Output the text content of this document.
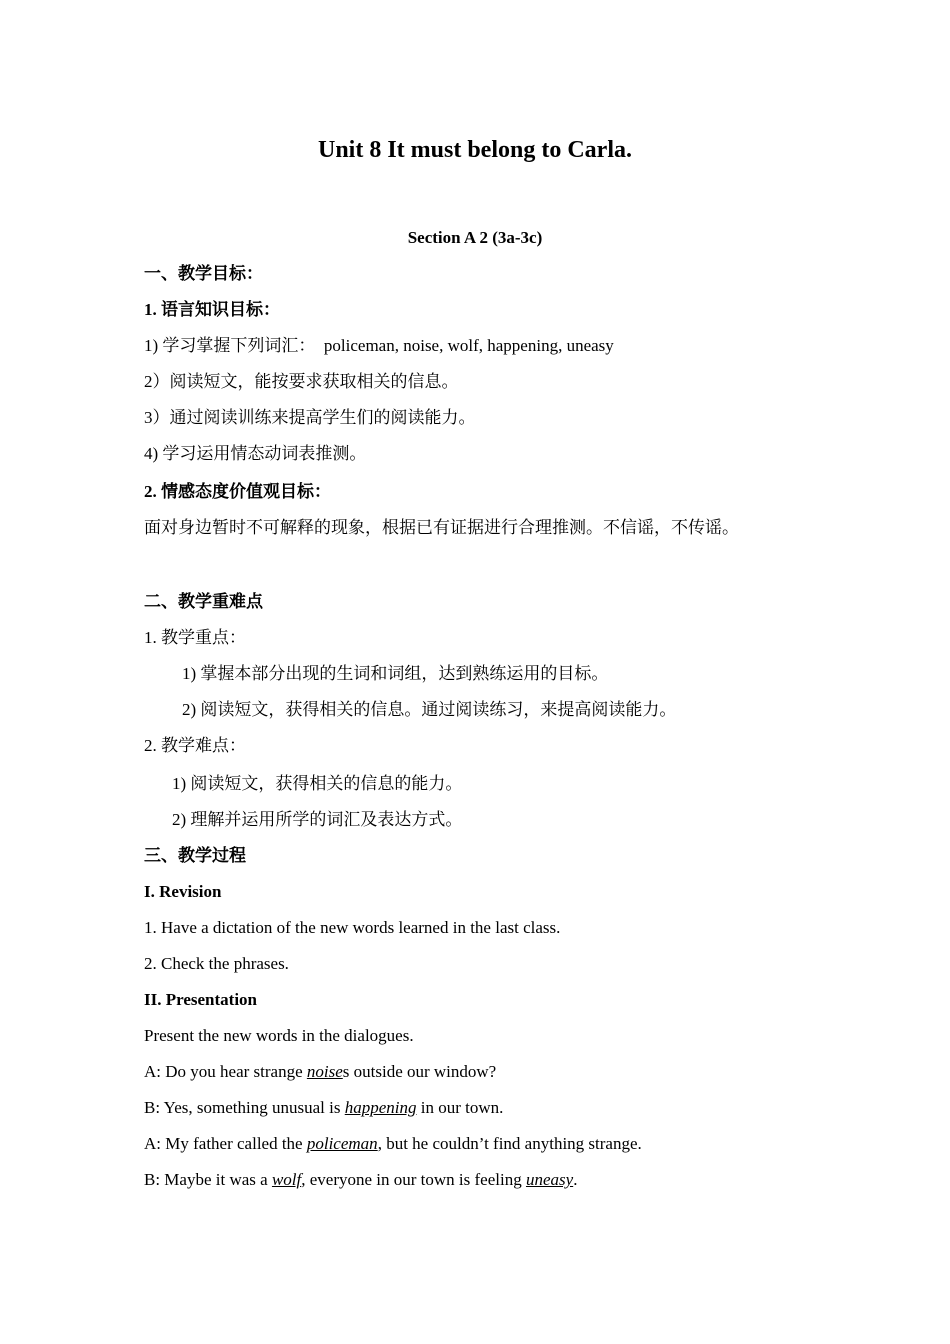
Unit 8 It must belong to Carla.
Section A 2 (3a-3c)

一、教学目标：

1. 语言知识目标：

1) 学习掌握下列词汇：　policeman, noise, wolf, happening, uneasy

2）阅读短文，能按要求获取相关的信息。

3）通过阅读训练来提高学生们的阅读能力。

4) 学习运用情态动词表推测。

2. 情感态度价值观目标：

面对身边暂时不可解释的现象，根据已有证据进行合理推测。不信谣，不传谣。

二、教学重难点

1. 教学重点：

1) 掌握本部分出现的生词和词组，达到熟练运用的目标。

2) 阅读短文，获得相关的信息。通过阅读练习，来提高阅读能力。

2. 教学难点：

1) 阅读短文，获得相关的信息的能力。

2) 理解并运用所学的词汇及表达方式。

三、教学过程

I. Revision

1. Have a dictation of the new words learned in the last class.

2. Check the phrases.

II. Presentation

Present the new words in the dialogues.

A: Do you hear strange noises outside our window?

B: Yes, something unusual is happening in our town.

A: My father called the policeman, but he couldn’t find anything strange.

B: Maybe it was a wolf, everyone in our town is feeling uneasy.
